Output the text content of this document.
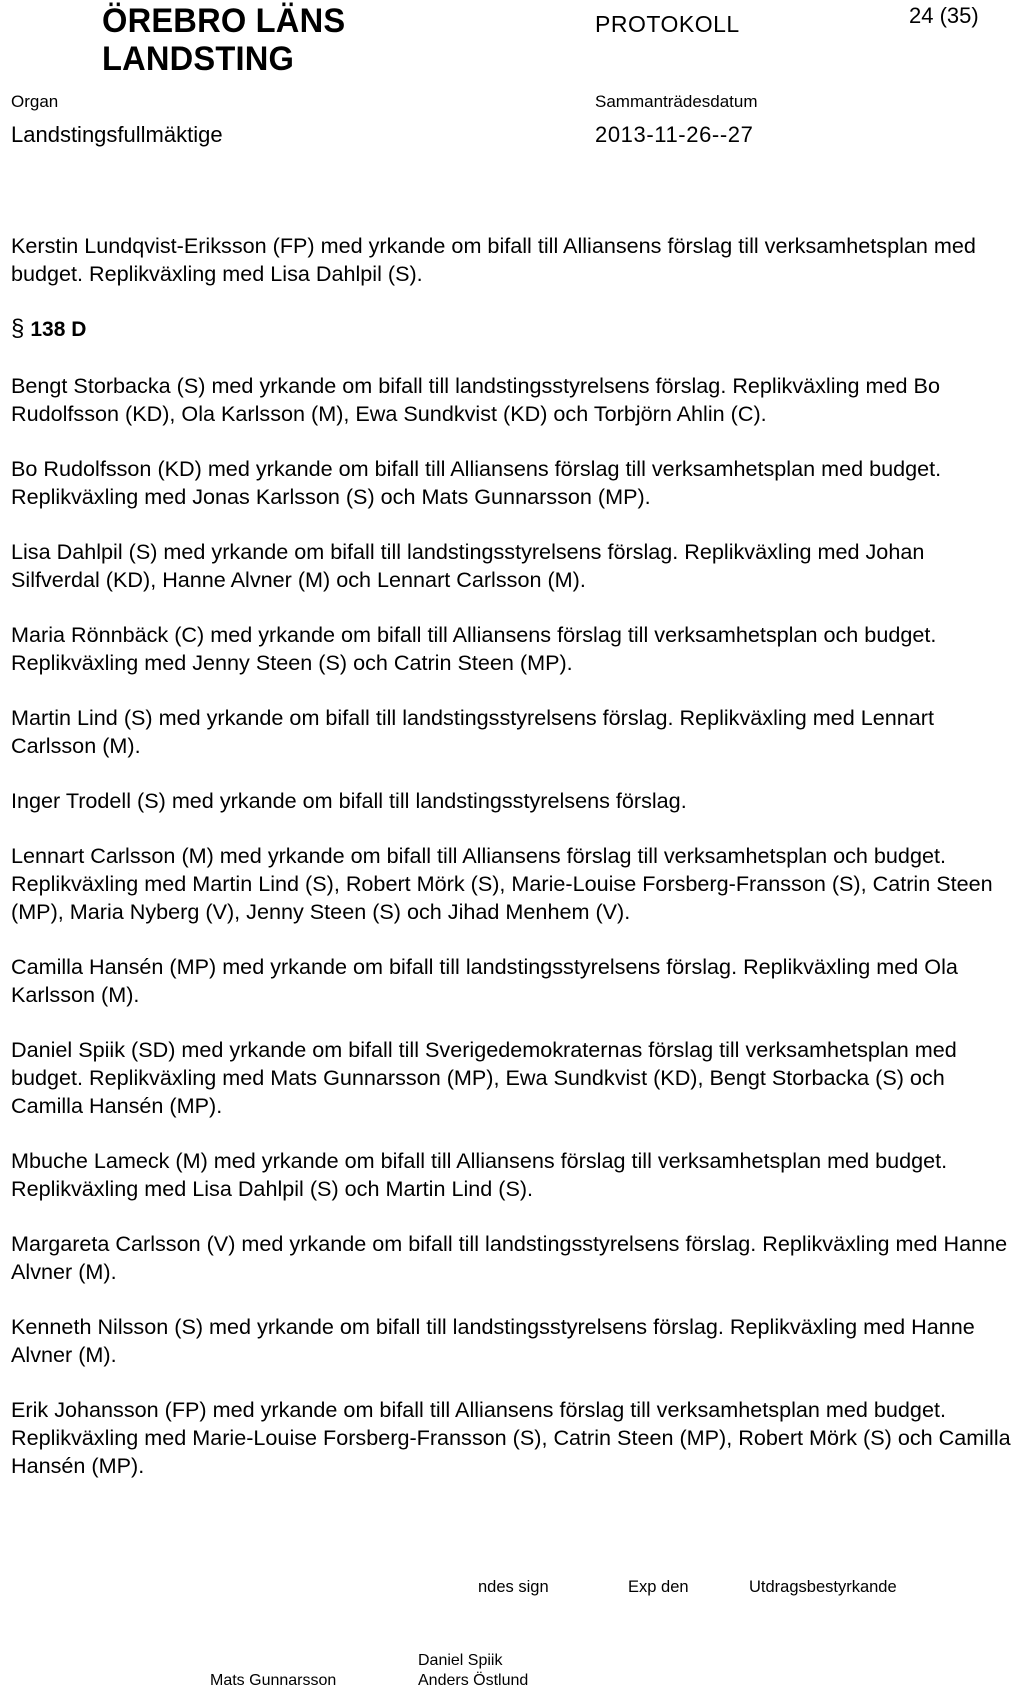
ÖREBRO LÄNS
LANDSTING
PROTOKOLL	24 (35)
Organ
Landstingsfullmäktige
Sammanträdesdatum
2013-11-26--27

Kerstin Lundqvist-Eriksson (FP) med yrkande om bifall till Alliansens förslag till verksamhetsplan med budget. Replikväxling med Lisa Dahlpil (S).

§ 138 D

Bengt Storbacka (S) med yrkande om bifall till landstingsstyrelsens förslag. Replikväxling med Bo Rudolfsson (KD), Ola Karlsson (M), Ewa Sundkvist (KD) och Torbjörn Ahlin (C).

Bo Rudolfsson (KD) med yrkande om bifall till Alliansens förslag till verksamhetsplan med budget. Replikväxling med Jonas Karlsson (S) och Mats Gunnarsson (MP).

Lisa Dahlpil (S) med yrkande om bifall till landstingsstyrelsens förslag. Replikväxling med Johan Silfverdal (KD), Hanne Alvner (M) och Lennart Carlsson (M).

Maria Rönnbäck (C) med yrkande om bifall till Alliansens förslag till verksamhetsplan och budget. Replikväxling med Jenny Steen (S) och Catrin Steen (MP).

Martin Lind (S) med yrkande om bifall till landstingsstyrelsens förslag. Replikväxling med Lennart Carlsson (M).

Inger Trodell (S) med yrkande om bifall till landstingsstyrelsens förslag.

Lennart Carlsson (M) med yrkande om bifall till Alliansens förslag till verksamhetsplan och budget. Replikväxling med Martin Lind (S), Robert Mörk (S), Marie-Louise Forsberg-Fransson (S), Catrin Steen (MP), Maria Nyberg (V), Jenny Steen (S) och Jihad Menhem (V).

Camilla Hansén (MP) med yrkande om bifall till landstingsstyrelsens förslag. Replikväxling med Ola Karlsson (M).

Daniel Spiik (SD) med yrkande om bifall till Sverigedemokraternas förslag till verksamhetsplan med budget. Replikväxling med Mats Gunnarsson (MP), Ewa Sundkvist (KD), Bengt Storbacka (S) och Camilla Hansén (MP).

Mbuche Lameck (M) med yrkande om bifall till Alliansens förslag till verksamhetsplan med budget. Replikväxling med Lisa Dahlpil (S) och Martin Lind (S).

Margareta Carlsson (V) med yrkande om bifall till landstingsstyrelsens förslag. Replikväxling med Hanne Alvner (M).

Kenneth Nilsson (S) med yrkande om bifall till landstingsstyrelsens förslag. Replikväxling med Hanne Alvner (M).

Erik Johansson (FP) med yrkande om bifall till Alliansens förslag till verksamhetsplan med budget. Replikväxling med Marie-Louise Forsberg-Fransson (S), Catrin Steen (MP), Robert Mörk (S) och Camilla Hansén (MP).

ndes sign	Exp den	Utdragsbestyrkande
Daniel Spiik
Mats Gunnarsson	Anders Östlund
